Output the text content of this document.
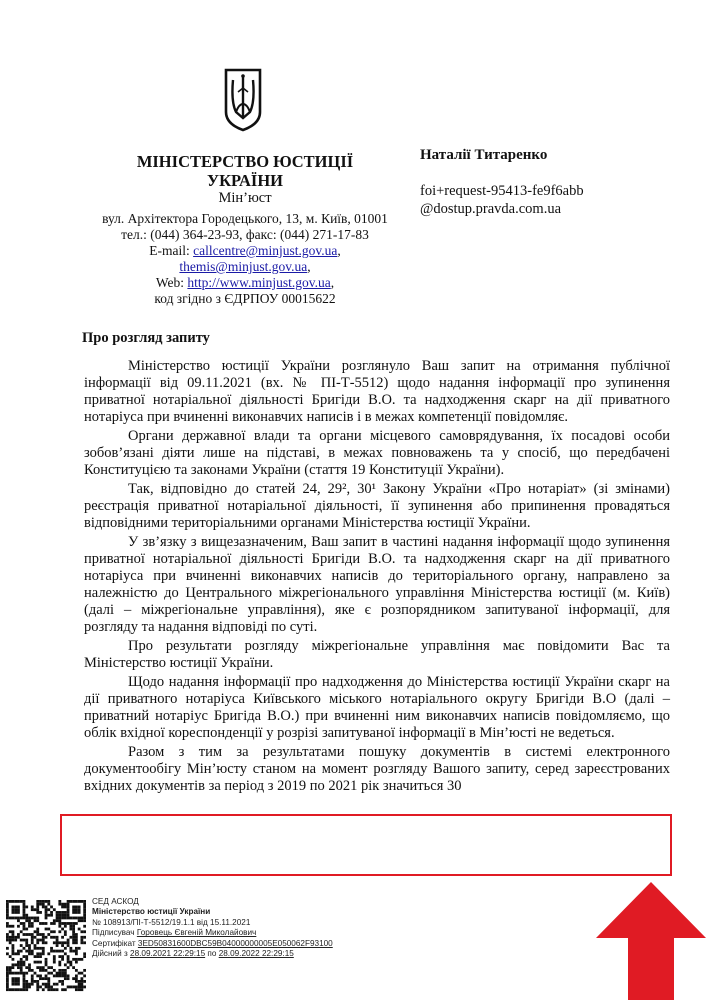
МІНІСТЕРСТВО ЮСТИЦІЇ
УКРАЇНИ
Мін’юст
вул. Архітектора Городецького, 13, м. Київ, 01001
тел.: (044) 364-23-93, факс: (044) 271-17-83
E-mail: callcentre@minjust.gov.ua,
themis@minjust.gov.ua,
Web: http://www.minjust.gov.ua,
код згідно з ЄДРПОУ 00015622
Наталії Титаренко
foi+request-95413-fe9f6abb
@dostup.pravda.com.ua
Про розгляд запиту

Міністерство юстиції України розглянуло Ваш запит на отримання публічної інформації від 09.11.2021 (вх. № ПІ-Т-5512) щодо надання інформації про зупинення приватної нотаріальної діяльності Бригіди В.О. та надходження скарг на дії приватного нотаріуса при вчиненні виконавчих написів і в межах компетенції повідомляє.

Органи державної влади та органи місцевого самоврядування, їх посадові особи зобов’язані діяти лише на підставі, в межах повноважень та у спосіб, що передбачені Конституцією та законами України (стаття 19 Конституції України).

Так, відповідно до статей 24, 29², 30¹ Закону України «Про нотаріат» (зі змінами) реєстрація приватної нотаріальної діяльності, її зупинення або припинення провадяться відповідними територіальними органами Міністерства юстиції України.

У зв’язку з вищезазначеним, Ваш запит в частині надання інформації щодо зупинення приватної нотаріальної діяльності Бригіди В.О. та надходження скарг на дії приватного нотаріуса при вчиненні виконавчих написів до територіального органу, направлено за належністю до Центрального міжрегіонального управління Міністерства юстиції (м. Київ) (далі – міжрегіональне управління), яке є розпорядником запитуваної інформації, для розгляду та надання відповіді по суті.

Про результати розгляду міжрегіональне управління має повідомити Вас та Міністерство юстиції України.

Щодо надання інформації про надходження до Міністерства юстиції України скарг на дії приватного нотаріуса Київського міського нотаріального округу Бригіди В.О (далі – приватний нотаріус Бригіда В.О.) при вчиненні ним виконавчих написів повідомляємо, що облік вхідної кореспонденції у розрізі запитуваної інформації в Мін’юсті не ведеться.

Разом з тим за результатами пошуку документів в системі електронного документообігу Мін’юсту станом на момент розгляду Вашого запиту, серед зареєстрованих вхідних документів за період з 2019 по 2021 рік значиться 30

СЕД АСКОД
Міністерство юстиції України
№ 108913/ПІ-Т-5512/19.1.1 від 15.11.2021
Підписувач Горовець Євгеній Миколайович
Сертифікат 3ED50831600DBC59B04000000005E050062F93100
Дійсний з 28.09.2021 22:29:15 по 28.09.2022 22:29:15
